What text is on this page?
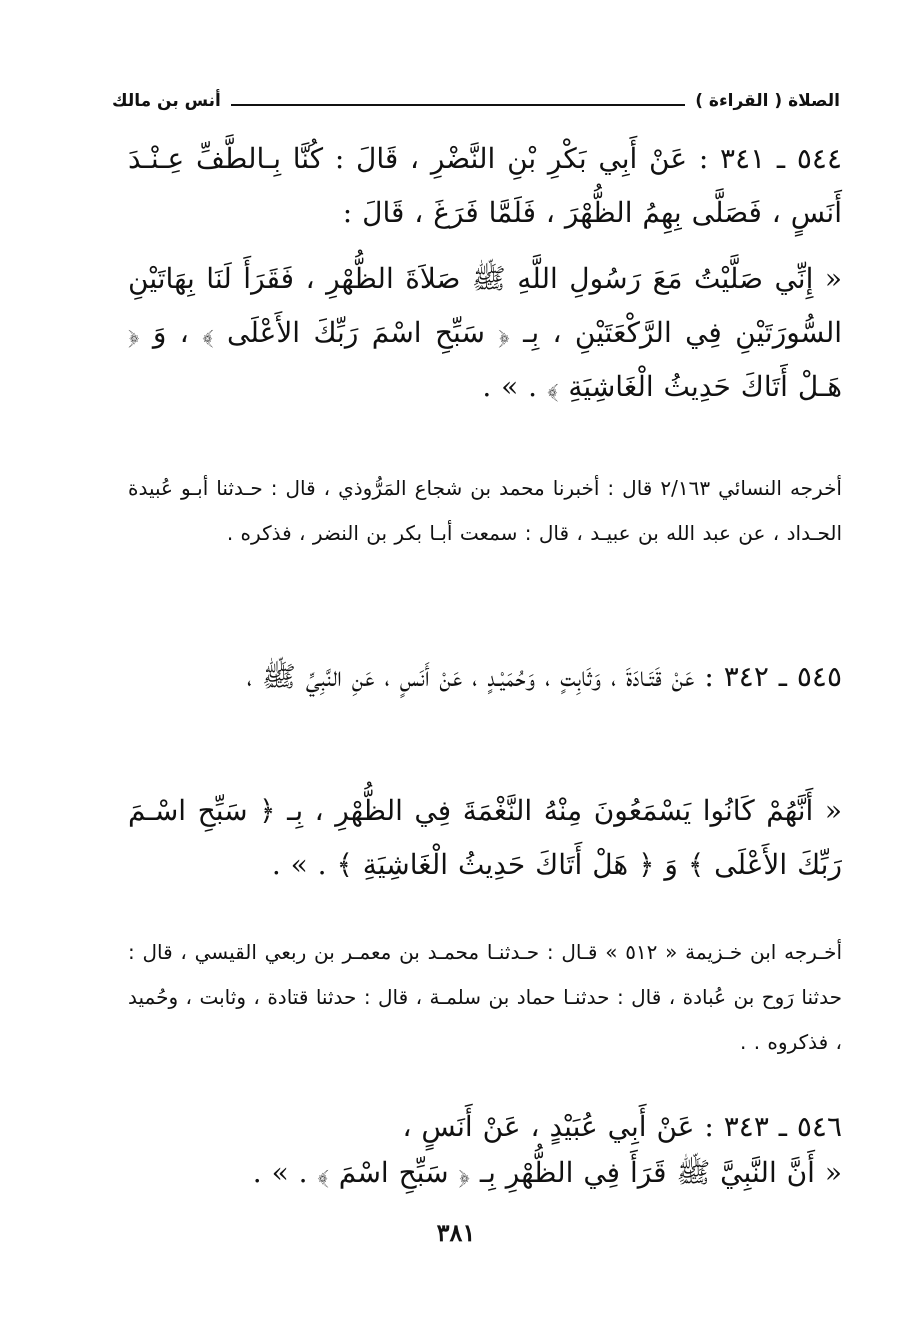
الصلاة ( القراءة )
أنس بن مالك
٥٤٤ ـ ٣٤١ : عَنْ أَبِي بَكْرِ بْنِ النَّضْرِ ، قَالَ : كُنَّا بِـالطَّفِّ عِـنْـدَ أَنَسٍ ، فَصَلَّى بِهِمُ الظُّهْرَ ، فَلَمَّا فَرَغَ ، قَالَ :
« إِنِّي صَلَّيْتُ مَعَ رَسُولِ اللَّهِ ﷺ صَلاَةَ الظُّهْرِ ، فَقَرَأَ لَنَا بِهَاتَيْنِ السُّورَتَيْنِ فِي الرَّكْعَتَيْنِ ، بِـ ﴿ سَبِّحِ اسْمَ رَبِّكَ الأَعْلَى ﴾ ، وَ ﴿ هَـلْ أَتَاكَ حَدِيثُ الْغَاشِيَةِ ﴾ . » .
أخرجه النسائي ٢/١٦٣ قال : أخبرنا محمد بن شجاع المَرُّوذي ، قال : حـدثنا أبـو عُبيدة الحـداد ، عن عبد الله بن عبيـد ، قال : سمعت أبـا بكر بن النضر ، فذكره .
٥٤٥ ـ ٣٤٢ : عَنْ قَتَـادَةَ ، وَثَابِتٍ ، وَحُمَيْـدٍ ، عَنْ أَنَسٍ ، عَنِ النَّبِيِّ ﷺ ،
« أَنَّهُمْ كَانُوا يَسْمَعُونَ مِنْهُ النَّغْمَةَ فِي الظُّهْرِ ، بِـ ﴿ سَبِّحِ اسْـمَ رَبِّكَ الأَعْلَى ﴾ وَ ﴿ هَلْ أَتَاكَ حَدِيثُ الْغَاشِيَةِ ﴾ . » .
أخـرجه ابن خـزيمة « ٥١٢ » قـال : حـدثنـا محمـد بن معمـر بن ربعي القيسي ، قال : حدثنا رَوح بن عُبادة ، قال : حدثنـا حماد بن سلمـة ، قال : حدثنا قتادة ، وثابت ، وحُميد ، فذكروه . .
٥٤٦ ـ ٣٤٣ : عَنْ أَبِي عُبَيْدٍ ، عَنْ أَنَسٍ ،
« أَنَّ النَّبِيَّ ﷺ قَرَأَ فِي الظُّهْرِ بِـ ﴿ سَبِّحِ اسْمَ ﴾ . » .
٣٨١
